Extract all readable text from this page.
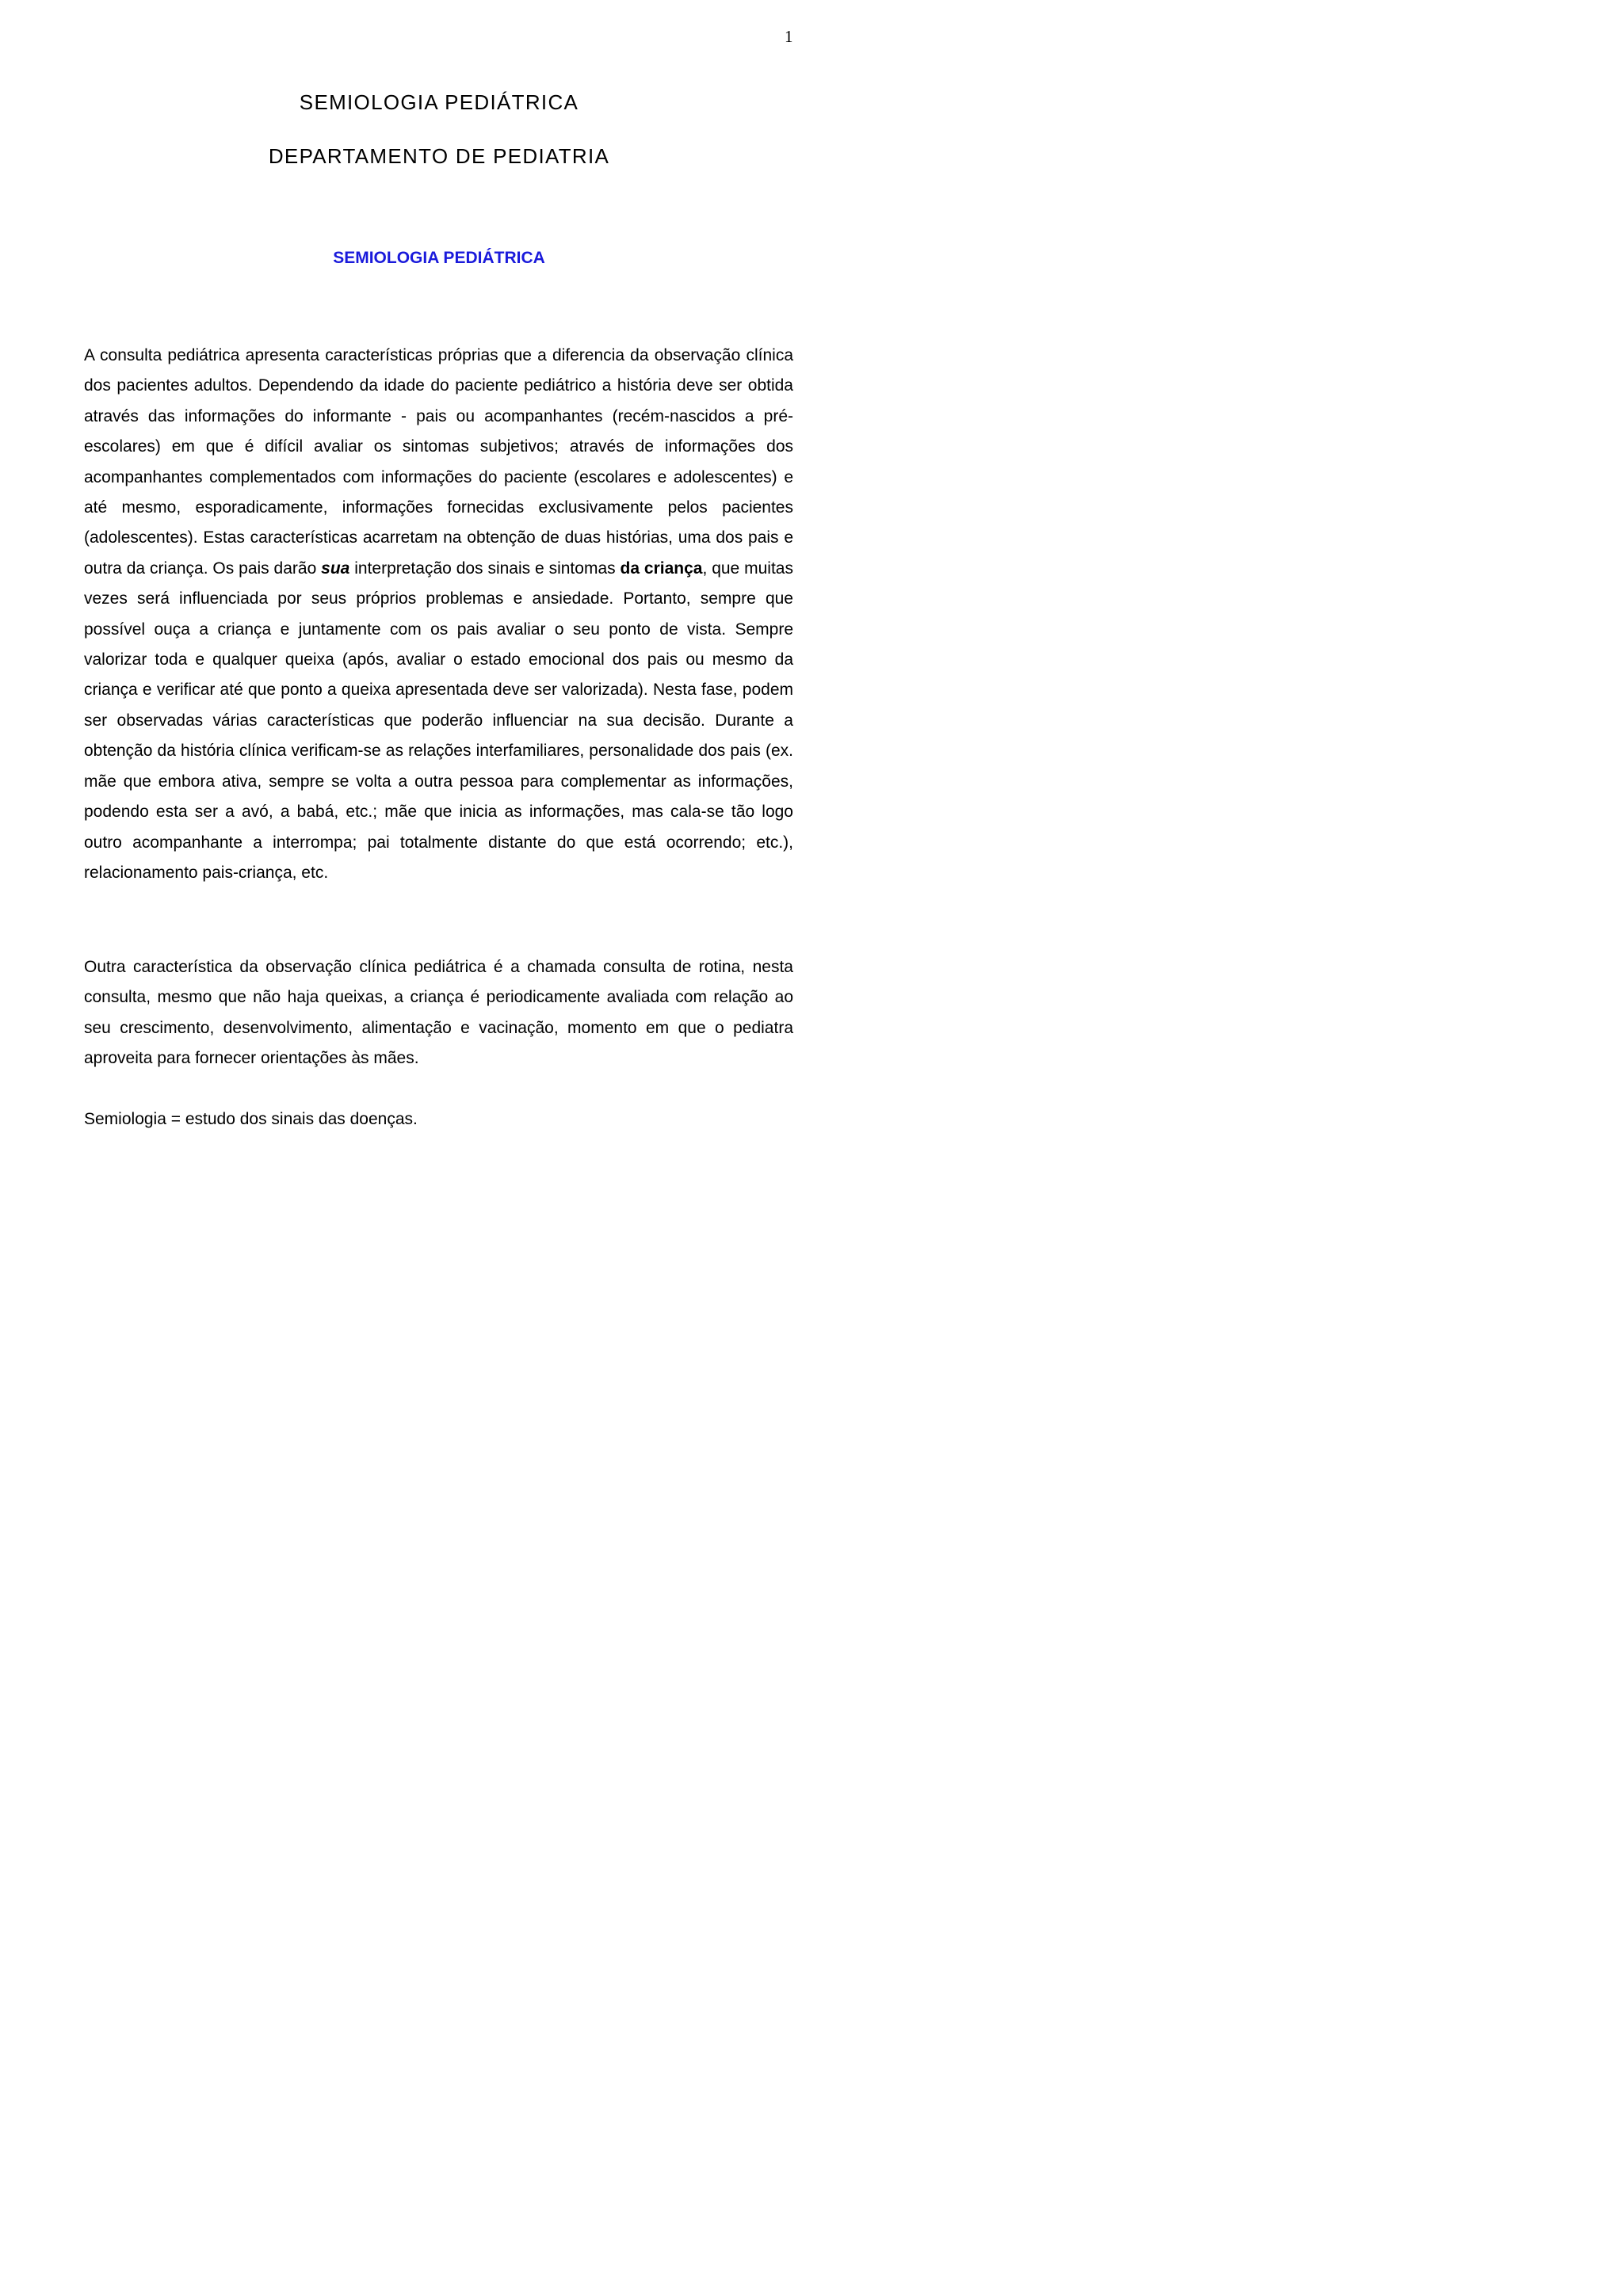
1
SEMIOLOGIA PEDIÁTRICA
DEPARTAMENTO DE PEDIATRIA
SEMIOLOGIA PEDIÁTRICA

A consulta pediátrica apresenta características próprias que a diferencia da observação clínica dos pacientes adultos. Dependendo da idade do paciente pediátrico a história deve ser obtida através das informações do informante - pais ou acompanhantes (recém-nascidos a pré-escolares) em que é difícil avaliar os sintomas subjetivos; através de informações dos acompanhantes complementados com informações do paciente (escolares e adolescentes) e até mesmo, esporadicamente, informações fornecidas exclusivamente pelos pacientes (adolescentes). Estas características acarretam na obtenção de duas histórias, uma dos pais e outra da criança. Os pais darão sua interpretação dos sinais e sintomas da criança, que muitas vezes será influenciada por seus próprios problemas e ansiedade. Portanto, sempre que possível ouça a criança e juntamente com os pais avaliar o seu ponto de vista. Sempre valorizar toda e qualquer queixa (após, avaliar o estado emocional dos pais ou mesmo da criança e verificar até que ponto a queixa apresentada deve ser valorizada). Nesta fase, podem ser observadas várias características que poderão influenciar na sua decisão. Durante a obtenção da história clínica verificam-se as relações interfamiliares, personalidade dos pais (ex. mãe que embora ativa, sempre se volta a outra pessoa para complementar as informações, podendo esta ser a avó, a babá, etc.; mãe que inicia as informações, mas cala-se tão logo outro acompanhante a interrompa; pai totalmente distante do que está ocorrendo; etc.), relacionamento pais-criança, etc.

Outra característica da observação clínica pediátrica é a chamada consulta de rotina, nesta consulta, mesmo que não haja queixas, a criança é periodicamente avaliada com relação ao seu crescimento, desenvolvimento, alimentação e vacinação, momento em que o pediatra aproveita para fornecer orientações às mães.

Semiologia = estudo dos sinais das doenças.
